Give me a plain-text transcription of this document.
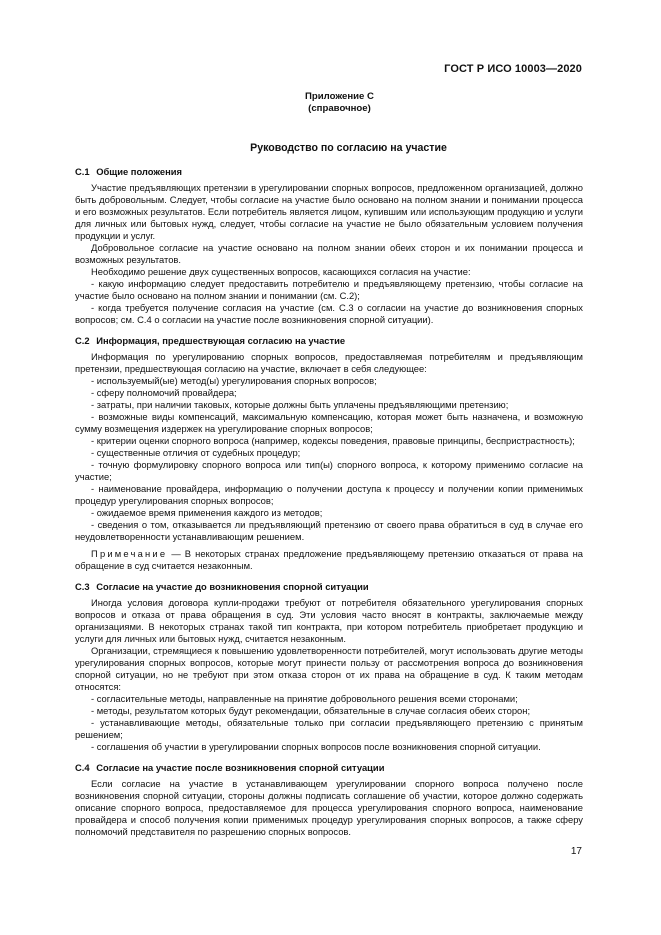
ГОСТ Р ИСО 10003—2020
Приложение С
(справочное)
Руководство по согласию на участие
С.1 Общие положения

Участие предъявляющих претензии в урегулировании спорных вопросов, предложенном организацией, должно быть добровольным. Следует, чтобы согласие на участие было основано на полном знании и понимании процесса и его возможных результатов. Если потребитель является лицом, купившим или использующим продукцию и услуги для личных или бытовых нужд, следует, чтобы согласие на участие не было обязательным условием получения продукции и услуг.

Добровольное согласие на участие основано на полном знании обеих сторон и их понимании процесса и возможных результатов.

Необходимо решение двух существенных вопросов, касающихся согласия на участие:

- какую информацию следует предоставить потребителю и предъявляющему претензию, чтобы согласие на участие было основано на полном знании и понимании (см. С.2);

- когда требуется получение согласия на участие (см. С.3 о согласии на участие до возникновения спорных вопросов; см. С.4 о согласии на участие после возникновения спорной ситуации).

С.2 Информация, предшествующая согласию на участие

Информация по урегулированию спорных вопросов, предоставляемая потребителям и предъявляющим претензии, предшествующая согласию на участие, включает в себя следующее:

- используемый(ые) метод(ы) урегулирования спорных вопросов;

- сферу полномочий провайдера;

- затраты, при наличии таковых, которые должны быть уплачены предъявляющими претензию;

- возможные виды компенсаций, максимальную компенсацию, которая может быть назначена, и возможную сумму возмещения издержек на урегулирование спорных вопросов;

- критерии оценки спорного вопроса (например, кодексы поведения, правовые принципы, беспристрастность);

- существенные отличия от судебных процедур;

- точную формулировку спорного вопроса или тип(ы) спорного вопроса, к которому применимо согласие на участие;

- наименование провайдера, информацию о получении доступа к процессу и получении копии применимых процедур урегулирования спорных вопросов;

- ожидаемое время применения каждого из методов;

- сведения о том, отказывается ли предъявляющий претензию от своего права обратиться в суд в случае его неудовлетворенности устанавливающим решением.

Примечание — В некоторых странах предложение предъявляющему претензию отказаться от права на обращение в суд считается незаконным.

С.3 Согласие на участие до возникновения спорной ситуации

Иногда условия договора купли-продажи требуют от потребителя обязательного урегулирования спорных вопросов и отказа от права обращения в суд. Эти условия часто вносят в контракты, заключаемые между организациями. В некоторых странах такой тип контракта, при котором потребитель приобретает продукцию и услуги для личных или бытовых нужд, считается незаконным.

Организации, стремящиеся к повышению удовлетворенности потребителей, могут использовать другие методы урегулирования спорных вопросов, которые могут принести пользу от рассмотрения вопроса до возникновения спорной ситуации, но не требуют при этом отказа сторон от их права на обращение в суд. К таким методам относятся:

- согласительные методы, направленные на принятие добровольного решения всеми сторонами;

- методы, результатом которых будут рекомендации, обязательные в случае согласия обеих сторон;

- устанавливающие методы, обязательные только при согласии предъявляющего претензию с принятым решением;

- соглашения об участии в урегулировании спорных вопросов после возникновения спорной ситуации.

С.4 Согласие на участие после возникновения спорной ситуации

Если согласие на участие в устанавливающем урегулировании спорного вопроса получено после возникновения спорной ситуации, стороны должны подписать соглашение об участии, которое должно содержать описание спорного вопроса, предоставляемое для процесса урегулирования спорного вопроса, наименование провайдера и способ получения копии применимых процедур урегулирования спорных вопросов, а также сферу полномочий представителя по разрешению спорных вопросов.

17
